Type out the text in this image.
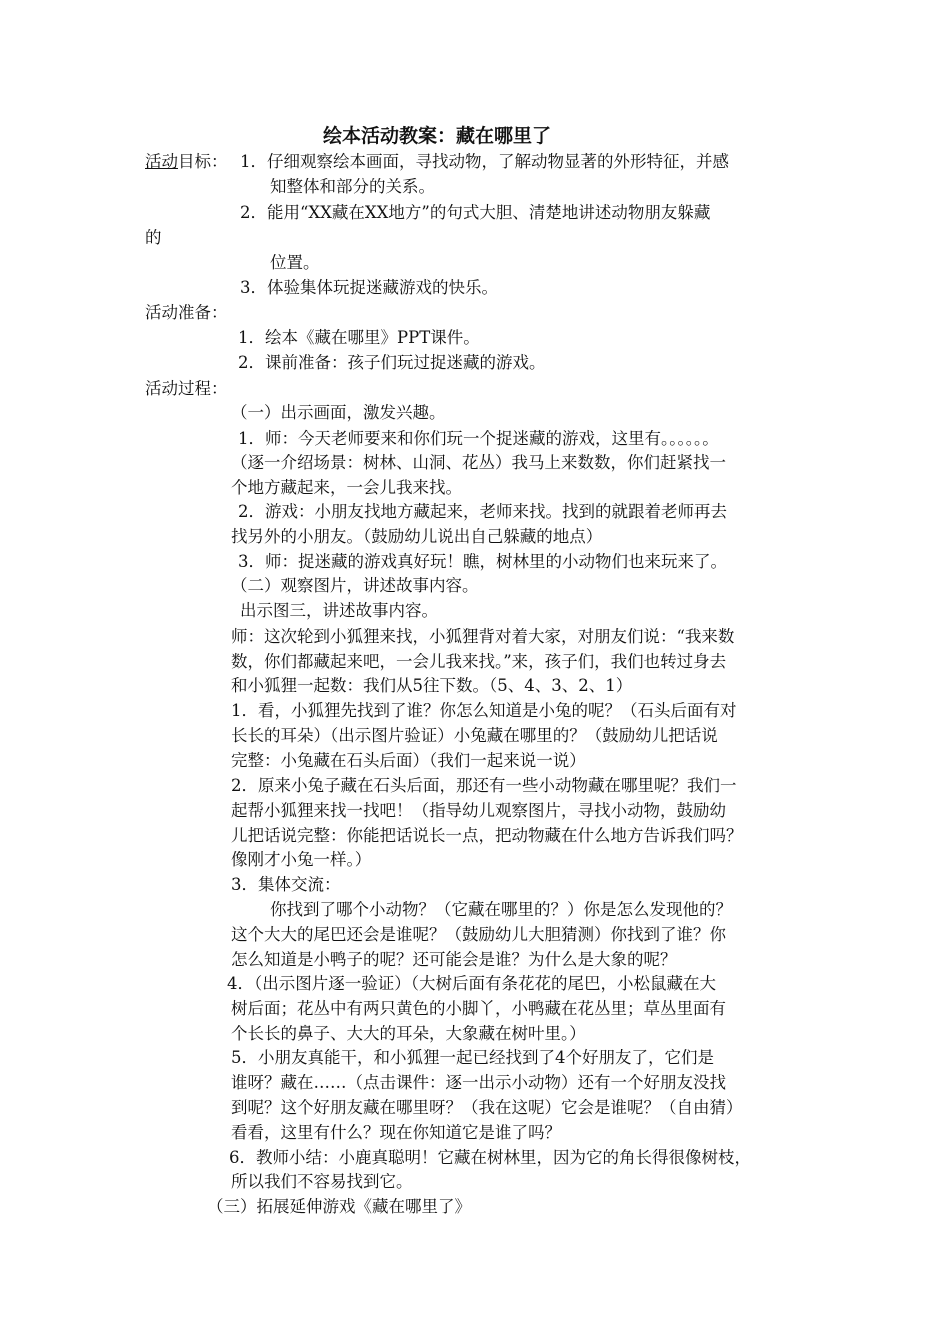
绘本活动教案：藏在哪里了
活动目标： 1．仔细观察绘本画面，寻找动物，了解动物显著的外形特征，并感
知整体和部分的关系。
2．能用“XX藏在XX地方”的句式大胆、清楚地讲述动物朋友躲藏
的
位置。
3．体验集体玩捉迷藏游戏的快乐。
活动准备：
1．绘本《藏在哪里》PPT课件。
2．课前准备：孩子们玩过捉迷藏的游戏。
活动过程：
（一）出示画面，激发兴趣。
1．师：今天老师要来和你们玩一个捉迷藏的游戏，这里有。。。。。。
（逐一介绍场景：树林、山洞、花丛）我马上来数数，你们赶紧找一
个地方藏起来，一会儿我来找。
2．游戏：小朋友找地方藏起来，老师来找。找到的就跟着老师再去
找另外的小朋友。（鼓励幼儿说出自己躲藏的地点）
3．师：捉迷藏的游戏真好玩！瞧，树林里的小动物们也来玩来了。
（二）观察图片，讲述故事内容。
出示图三，讲述故事内容。
师：这次轮到小狐狸来找，小狐狸背对着大家，对朋友们说：“我来数
数，你们都藏起来吧，一会儿我来找。”来，孩子们，我们也转过身去
和小狐狸一起数：我们从5往下数。（5、4、3、2、1）
1．看，小狐狸先找到了谁？你怎么知道是小兔的呢？（石头后面有对
长长的耳朵）（出示图片验证）小兔藏在哪里的？（鼓励幼儿把话说
完整：小兔藏在石头后面）（我们一起来说一说）
2．原来小兔子藏在石头后面，那还有一些小动物藏在哪里呢？我们一
起帮小狐狸来找一找吧！（指导幼儿观察图片，寻找小动物，鼓励幼
儿把话说完整：你能把话说长一点，把动物藏在什么地方告诉我们吗？
像刚才小兔一样。）
3．集体交流：
你找到了哪个小动物？（它藏在哪里的？）你是怎么发现他的？
这个大大的尾巴还会是谁呢？（鼓励幼儿大胆猜测）你找到了谁？你
怎么知道是小鸭子的呢？还可能会是谁？为什么是大象的呢？
4．（出示图片逐一验证）（大树后面有条花花的尾巴，小松鼠藏在大
树后面；花丛中有两只黄色的小脚丫，小鸭藏在花丛里；草丛里面有
个长长的鼻子、大大的耳朵，大象藏在树叶里。）
5．小朋友真能干，和小狐狸一起已经找到了4个好朋友了，它们是
谁呀？藏在……（点击课件：逐一出示小动物）还有一个好朋友没找
到呢？这个好朋友藏在哪里呀？（我在这呢）它会是谁呢？（自由猜）
看看，这里有什么？现在你知道它是谁了吗？
6．教师小结：小鹿真聪明！它藏在树林里，因为它的角长得很像树枝，
所以我们不容易找到它。
（三）拓展延伸游戏《藏在哪里了》
